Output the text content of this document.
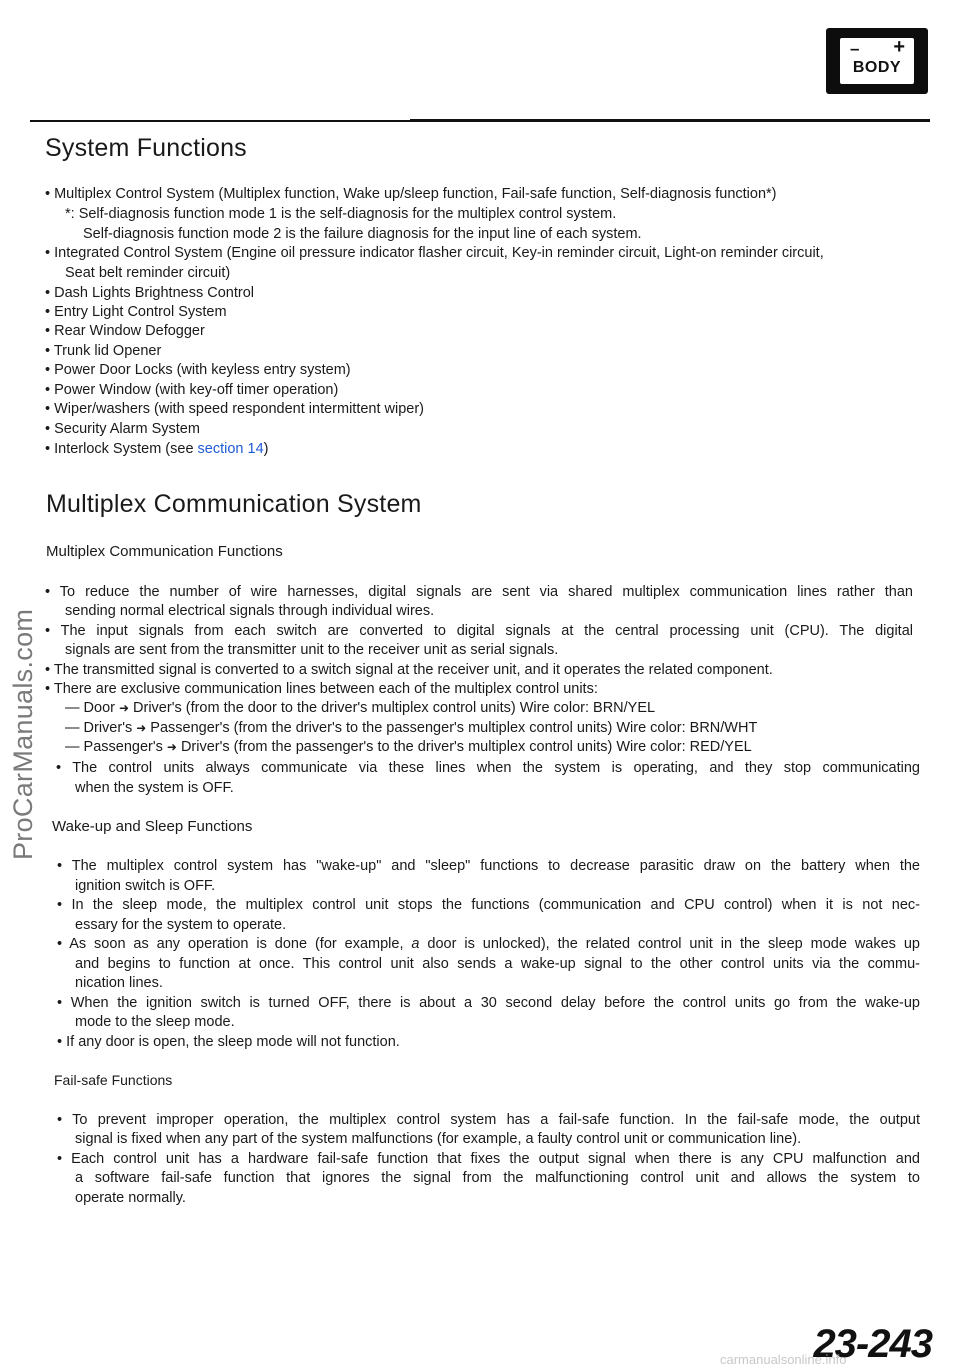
– +
BODY
System Functions
• Multiplex Control System (Multiplex function, Wake up/sleep function, Fail-safe function, Self-diagnosis function*)
*: Self-diagnosis function mode 1 is the self-diagnosis for the multiplex control system.
Self-diagnosis function mode 2 is the failure diagnosis for the input line of each system.
• Integrated Control System (Engine oil pressure indicator flasher circuit, Key-in reminder circuit, Light-on reminder circuit,
Seat belt reminder circuit)
• Dash Lights Brightness Control
• Entry Light Control System
• Rear Window Defogger
• Trunk lid Opener
• Power Door Locks (with keyless entry system)
• Power Window (with key-off timer operation)
• Wiper/washers (with speed respondent intermittent wiper)
• Security Alarm System
• Interlock System (see section 14)
Multiplex Communication System
Multiplex Communication Functions
• To reduce the number of wire harnesses, digital signals are sent via shared multiplex communication lines rather than
sending normal electrical signals through individual wires.
• The input signals from each switch are converted to digital signals at the central processing unit (CPU). The digital
signals are sent from the transmitter unit to the receiver unit as serial signals.
• The transmitted signal is converted to a switch signal at the receiver unit, and it operates the related component.
• There are exclusive communication lines between each of the multiplex control units:
— Door ➜ Driver's (from the door to the driver's multiplex control units) Wire color: BRN/YEL
— Driver's ➜ Passenger's (from the driver's to the passenger's multiplex control units) Wire color: BRN/WHT
— Passenger's ➜ Driver's (from the passenger's to the driver's multiplex control units) Wire color: RED/YEL
• The control units always communicate via these lines when the system is operating, and they stop communicating
when the system is OFF.
Wake-up and Sleep Functions
• The multiplex control system has "wake-up" and "sleep" functions to decrease parasitic draw on the battery when the
ignition switch is OFF.
• In the sleep mode, the multiplex control unit stops the functions (communication and CPU control) when it is not nec-
essary for the system to operate.
• As soon as any operation is done (for example, a door is unlocked), the related control unit in the sleep mode wakes up
and begins to function at once. This control unit also sends a wake-up signal to the other control units via the commu-
nication lines.
• When the ignition switch is turned OFF, there is about a 30 second delay before the control units go from the wake-up
mode to the sleep mode.
• If any door is open, the sleep mode will not function.
Fail-safe Functions
• To prevent improper operation, the multiplex control system has a fail-safe function. In the fail-safe mode, the output
signal is fixed when any part of the system malfunctions (for example, a faulty control unit or communication line).
• Each control unit has a hardware fail-safe function that fixes the output signal when there is any CPU malfunction and
a software fail-safe function that ignores the signal from the malfunctioning control unit and allows the system to
operate normally.
ProCarManuals.com
23-243
carmanualsonline.info
